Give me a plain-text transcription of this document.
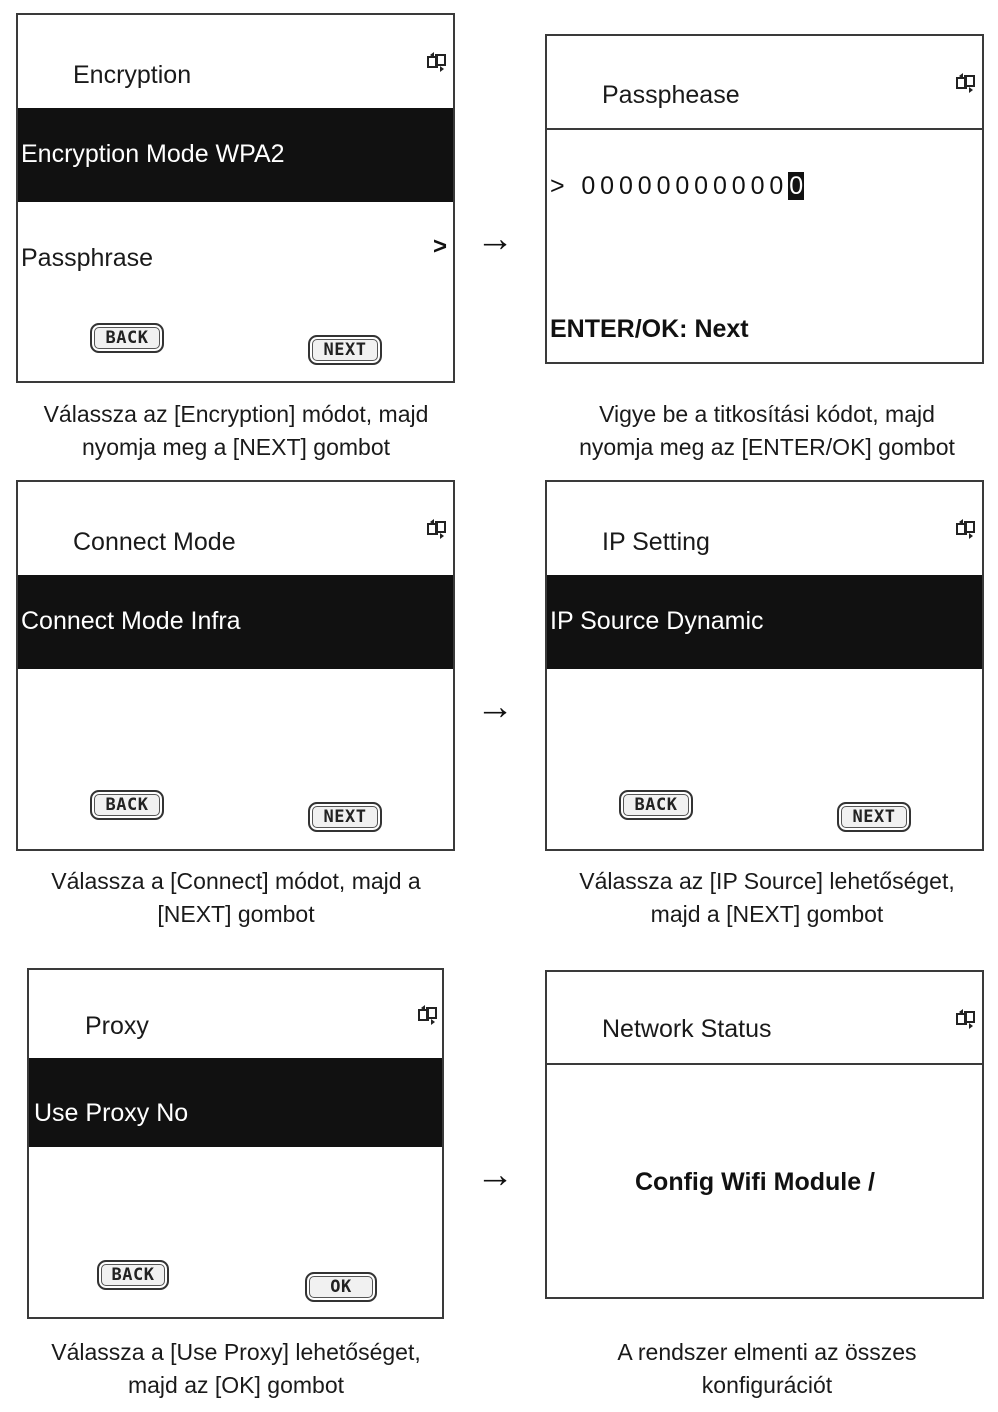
Encryption
Encryption Mode WPA2
Passphrase	>
BACK
NEXT
→
Válassza az [Encryption] módot, majd
nyomja meg a [NEXT] gombot
Passphease
> 000000000000
ENTER/OK: Next
Vigye be a titkosítási kódot, majd
nyomja meg az [ENTER/OK] gombot
Connect Mode
Connect Mode Infra
BACK
NEXT
→
Válassza a [Connect] módot, majd a
[NEXT] gombot
IP Setting
IP Source Dynamic
BACK
NEXT
Válassza az [IP Source] lehetőséget,
majd a [NEXT] gombot
Proxy
Use Proxy No
BACK
OK
→
Válassza a [Use Proxy] lehetőséget,
majd az [OK] gombot
Network Status
Config Wifi Module /
A rendszer elmenti az összes
konfigurációt
